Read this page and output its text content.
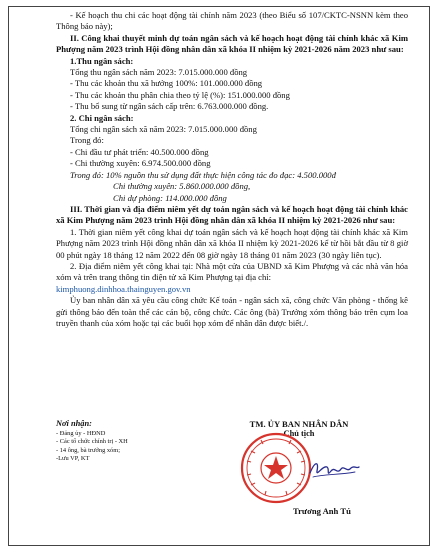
- Kế hoạch thu chi các hoạt động tài chính năm 2023 (theo Biểu số 107/CKTC-NSNN kèm theo Thông báo này);

II. Công khai thuyết minh dự toán ngân sách và kế hoạch hoạt động tài chính khác xã Kim Phượng năm 2023 trình Hội đồng nhân dân xã khóa II nhiệm kỳ 2021-2026 năm 2023 như sau:

1.Thu ngân sách:

Tổng thu ngân sách năm 2023: 7.015.000.000 đồng

- Thu các khoản thu xã hưởng 100%: 101.000.000 đồng

- Thu các khoản thu phân chia theo tỷ lệ (%): 151.000.000 đồng

- Thu bổ sung từ ngân sách cấp trên: 6.763.000.000 đồng.

2. Chi ngân sách:

Tổng chi ngân sách xã năm 2023: 7.015.000.000 đồng

Trong đó:

- Chi đầu tư phát triển: 40.500.000 đồng

- Chi thường xuyên: 6.974.500.000 đồng

Trong đó: 10% nguồn thu sử dụng đất thực hiện công tác đo đạc: 4.500.000đ

Chi thường xuyên: 5.860.000.000 đồng,

Chi dự phòng: 114.000.000 đồng

III. Thời gian và địa điểm niêm yết dự toán ngân sách và kế hoạch hoạt động tài chính khác xã Kim Phượng năm 2023 trình Hội đồng nhân dân xã khóa II nhiệm kỳ 2021-2026 như sau:

1. Thời gian niêm yết công khai dự toán ngân sách và kế hoạch hoạt động tài chính khác xã Kim Phượng năm 2023 trình Hội đồng nhân dân xã khóa II nhiệm kỳ 2021-2026 kể từ hồi bắt đầu từ 8 giờ 00 phút ngày 18 tháng 12 năm 2022 đến 08 giờ ngày 18 tháng 01 năm 2023 (30 ngày liên tục).

2. Địa điểm niêm yết công khai tại: Nhà một cửa của UBND xã Kim Phượng và các nhà văn hóa xóm và trên trang thông tin điện tử xã Kim Phượng tại địa chỉ:

kimphuong.dinhhoa.thainguyen.gov.vn

Ủy ban nhân dân xã yêu cầu công chức Kế toán - ngân sách xã, công chức Văn phòng - thống kê gửi thông báo đến toàn thể các cán bộ, công chức. Các ông (bà) Trưởng xóm thông báo trên cụm loa truyền thanh của xóm hoặc tại các buổi họp xóm để nhân dân được biết./.

Nơi nhận:
- Đảng ủy - HĐND
- Các tổ chức chính trị - XH
- 14 ông, bà trưởng xóm;
-Lưu VP, KT
TM. ỦY BAN NHÂN DÂN
Chủ tịch
Trương Anh Tú
